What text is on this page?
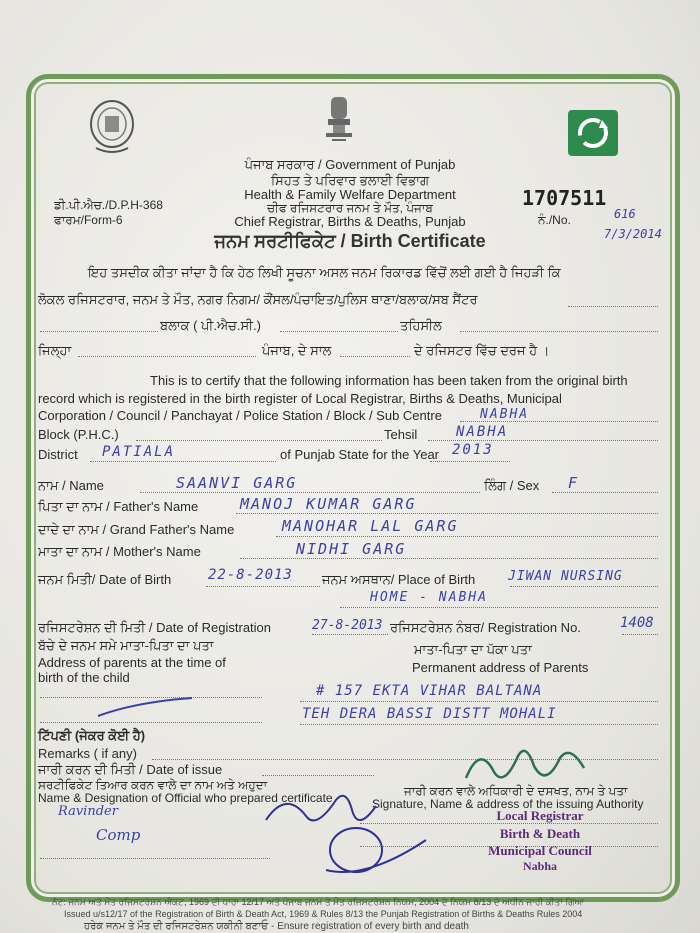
ਪੰਜਾਬ ਸਰਕਾਰ / Government of Punjab
ਸਿਹਤ ਤੇ ਪਰਿਵਾਰ ਭਲਾਈ ਵਿਭਾਗ
Health & Family Welfare Department
ਚੀਫ ਰਜਿਸਟਰਾਰ ਜਨਮ ਤੇ ਮੌਤ, ਪੰਜਾਬ
Chief Registrar, Births & Deaths, Punjab
ਡੀ.ਪੀ.ਐਚ./D.P.H-368
ਫਾਰਮ/Form-6
1707511
ਨੰ./No.	616
7/3/2014
ਜਨਮ ਸਰਟੀਫਿਕੇਟ / Birth Certificate
ਇਹ ਤਸਦੀਕ ਕੀਤਾ ਜਾਂਦਾ ਹੈ ਕਿ ਹੇਠ ਲਿਖੀ ਸੂਚਨਾ ਅਸਲ ਜਨਮ ਰਿਕਾਰਡ ਵਿੱਚੋਂ ਲਈ ਗਈ ਹੈ ਜਿਹੜੀ ਕਿ
ਲੋਕਲ ਰਜਿਸਟਰਾਰ, ਜਨਮ ਤੇ ਮੌਤ, ਨਗਰ ਨਿਗਮ/ ਕੌਂਸਲ/ਪੰਚਾਇਤ/ਪੁਲਿਸ ਥਾਣਾ/ਬਲਾਕ/ਸਬ ਸੈਂਟਰ
ਬਲਾਕ ( ਪੀ.ਐਚ.ਸੀ.)	ਤਹਿਸੀਲ
ਜਿਲ੍ਹਾ	ਪੰਜਾਬ, ਦੇ ਸਾਲ	ਦੇ ਰਜਿਸਟਰ ਵਿੱਚ ਦਰਜ ਹੈ ।
This is to certify that the following information has been taken from the original birth
record which is registered in the birth register of Local Registrar, Births & Deaths, Municipal
Corporation / Council / Panchayat / Police Station / Block / Sub Centre	NABHA
Block (P.H.C.)	Tehsil	NABHA
District PATIALA	of Punjab State for the Year 2013
ਨਾਮ / Name	SAANVI GARG	ਲਿੰਗ / Sex F
ਪਿਤਾ ਦਾ ਨਾਮ / Father's Name	MANOJ KUMAR GARG
ਦਾਦੇ ਦਾ ਨਾਮ / Grand Father's Name	MANOHAR LAL GARG
ਮਾਤਾ ਦਾ ਨਾਮ / Mother's Name	NIDHI GARG
ਜਨਮ ਮਿਤੀ/ Date of Birth	22-8-2013 ਜਨਮ ਅਸਥਾਨ/ Place of Birth	JIWAN NURSING
HOME - NABHA
ਰਜਿਸਟਰੇਸ਼ਨ ਦੀ ਮਿਤੀ / Date of Registration	27-8-2013 ਰਜਿਸਟਰੇਸ਼ਨ ਨੰਬਰ/ Registration No.	1408
ਬੱਚੇ ਦੇ ਜਨਮ ਸਮੇ ਮਾਤਾ-ਪਿਤਾ ਦਾ ਪਤਾ
Address of parents at the time of
birth of the child
ਮਾਤਾ-ਪਿਤਾ ਦਾ ਪੱਕਾ ਪਤਾ
Permanent address of Parents
# 157 EKTA VIHAR BALTANA
TEH DERA BASSI DISTT MOHALI
ਟਿੱਪਣੀ (ਜੇਕਰ ਕੋਈ ਹੈ)
Remarks ( if any)
ਜਾਰੀ ਕਰਨ ਦੀ ਮਿਤੀ / Date of issue
ਸਰਟੀਫਿਕੇਟ ਤਿਆਰ ਕਰਨ ਵਾਲੇ ਦਾ ਨਾਮ ਅਤੇ ਅਹੁਦਾ
Name & Designation of Official who prepared certificate
Ravinder
Comp
ਜਾਰੀ ਕਰਨ ਵਾਲੇ ਅਧਿਕਾਰੀ ਦੇ ਦਸਖਤ, ਨਾਮ ਤੇ ਪਤਾ
Signature, Name & address of the issuing Authority
Local Registrar
Birth & Death
Municipal Council
Nabha
ਨੋਟ: ਜਨਮ ਅਤੇ ਮੌਤ ਰਜਿਸਟਰੇਸ਼ਨ ਐਕਟ, 1969 ਦੀ ਧਾਰਾ 12/17 ਅਤੇ ਪੰਜਾਬ ਜਨਮ ਤੇ ਮੌਤ ਰਜਿਸਟਰੇਸ਼ਨ ਨਿਯਮ, 2004 ਦੇ ਨਿਯਮ 8/13 ਦੇ ਅਧੀਨ ਜਾਰੀ ਕੀਤਾ ਗਿਆ
Issued u/s12/17 of the Registration of Birth & Death Act, 1969 & Rules 8/13 the Punjab Registration of Births & Deaths Rules 2004
ਹਰੇਕ ਜਨਮ ਤੇ ਮੌਤ ਦੀ ਰਜਿਸਟਰੇਸ਼ਨ ਯਕੀਨੀ ਬਣਾਓ - Ensure registration of every birth and death
